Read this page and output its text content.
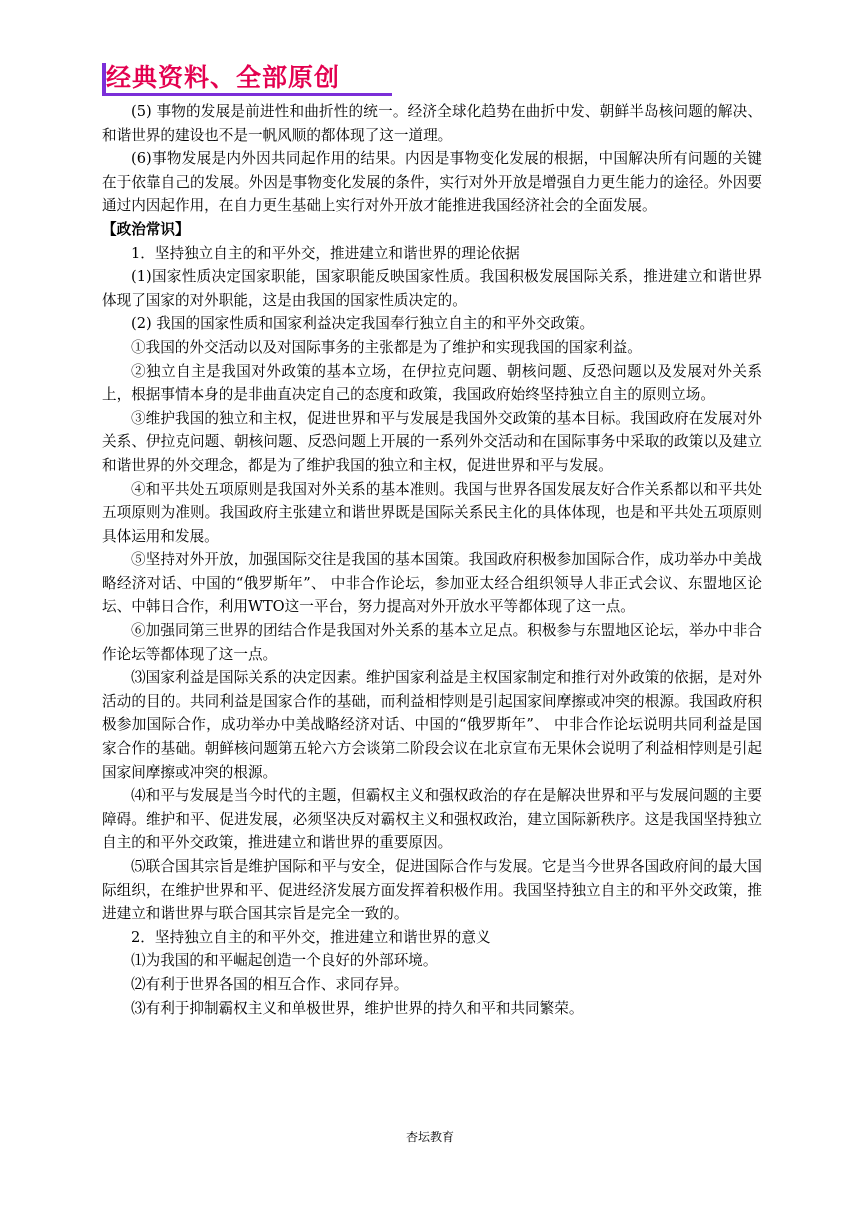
经典资料、全部原创

(5) 事物的发展是前进性和曲折性的统一。经济全球化趋势在曲折中发、朝鲜半岛核问题的解决、和谐世界的建设也不是一帆风顺的都体现了这一道理。

(6)事物发展是内外因共同起作用的结果。内因是事物变化发展的根据，中国解决所有问题的关键在于依靠自己的发展。外因是事物变化发展的条件，实行对外开放是增强自力更生能力的途径。外因要通过内因起作用，在自力更生基础上实行对外开放才能推进我国经济社会的全面发展。

【政治常识】

1．坚持独立自主的和平外交，推进建立和谐世界的理论依据

(1)国家性质决定国家职能，国家职能反映国家性质。我国积极发展国际关系，推进建立和谐世界体现了国家的对外职能，这是由我国的国家性质决定的。

(2) 我国的国家性质和国家利益决定我国奉行独立自主的和平外交政策。

①我国的外交活动以及对国际事务的主张都是为了维护和实现我国的国家利益。

②独立自主是我国对外政策的基本立场，在伊拉克问题、朝核问题、反恐问题以及发展对外关系上，根据事情本身的是非曲直决定自己的态度和政策，我国政府始终坚持独立自主的原则立场。

③维护我国的独立和主权，促进世界和平与发展是我国外交政策的基本目标。我国政府在发展对外关系、伊拉克问题、朝核问题、反恐问题上开展的一系列外交活动和在国际事务中采取的政策以及建立和谐世界的外交理念，都是为了维护我国的独立和主权，促进世界和平与发展。

④和平共处五项原则是我国对外关系的基本准则。我国与世界各国发展友好合作关系都以和平共处五项原则为准则。我国政府主张建立和谐世界既是国际关系民主化的具体体现，也是和平共处五项原则具体运用和发展。

⑤坚持对外开放，加强国际交往是我国的基本国策。我国政府积极参加国际合作，成功举办中美战略经济对话、中国的“俄罗斯年”、 中非合作论坛，参加亚太经合组织领导人非正式会议、东盟地区论坛、中韩日合作，利用WTO这一平台，努力提高对外开放水平等都体现了这一点。

⑥加强同第三世界的团结合作是我国对外关系的基本立足点。积极参与东盟地区论坛，举办中非合作论坛等都体现了这一点。

⑶国家利益是国际关系的决定因素。维护国家利益是主权国家制定和推行对外政策的依据，是对外活动的目的。共同利益是国家合作的基础，而利益相悖则是引起国家间摩擦或冲突的根源。我国政府积极参加国际合作，成功举办中美战略经济对话、中国的“俄罗斯年”、 中非合作论坛说明共同利益是国家合作的基础。朝鲜核问题第五轮六方会谈第二阶段会议在北京宣布无果休会说明了利益相悖则是引起国家间摩擦或冲突的根源。

⑷和平与发展是当今时代的主题，但霸权主义和强权政治的存在是解决世界和平与发展问题的主要障碍。维护和平、促进发展，必须坚决反对霸权主义和强权政治，建立国际新秩序。这是我国坚持独立自主的和平外交政策，推进建立和谐世界的重要原因。

⑸联合国其宗旨是维护国际和平与安全，促进国际合作与发展。它是当今世界各国政府间的最大国际组织，在维护世界和平、促进经济发展方面发挥着积极作用。我国坚持独立自主的和平外交政策，推进建立和谐世界与联合国其宗旨是完全一致的。

2．坚持独立自主的和平外交，推进建立和谐世界的意义

⑴为我国的和平崛起创造一个良好的外部环境。

⑵有利于世界各国的相互合作、求同存异。

⑶有利于抑制霸权主义和单极世界，维护世界的持久和平和共同繁荣。

杏坛教育
